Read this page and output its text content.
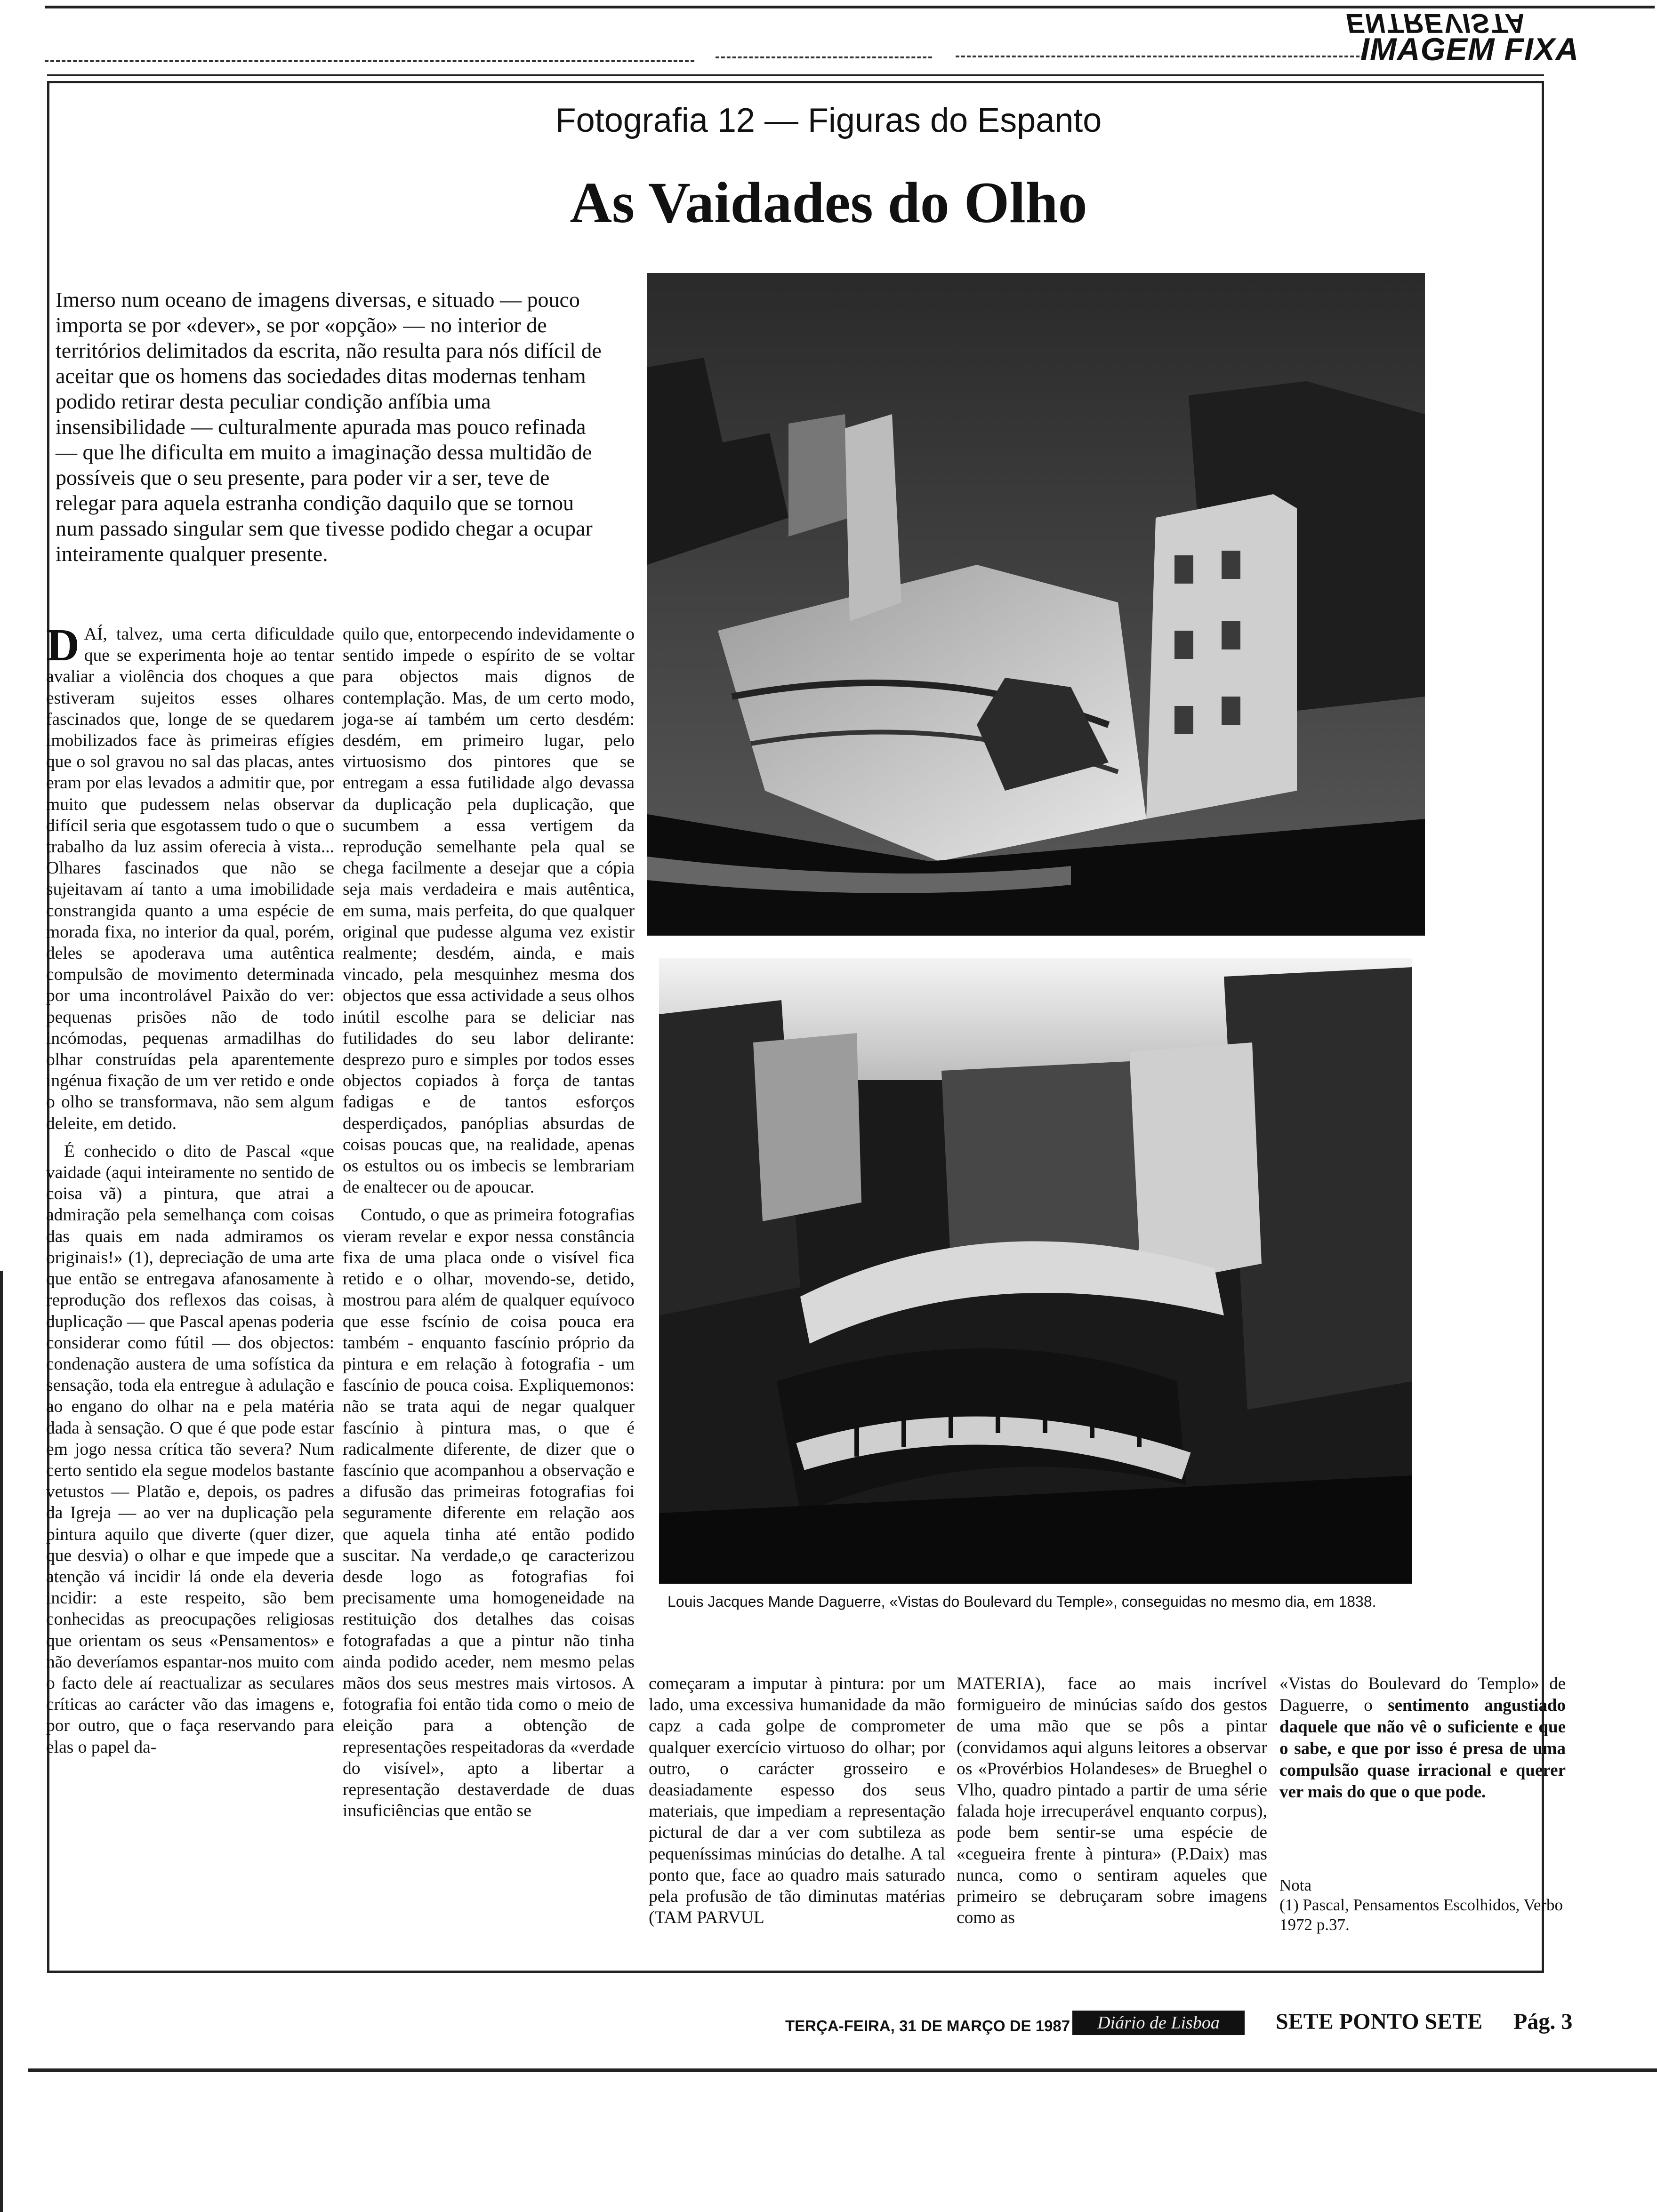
ENTREVISTA
IMAGEM FIXA
Fotografia 12 — Figuras do Espanto
As Vaidades do Olho
Imerso num oceano de imagens diversas, e situado — pouco importa se por «dever», se por «opção» — no interior de territórios delimitados da escrita, não resulta para nós difícil de aceitar que os homens das sociedades ditas modernas tenham podido retirar desta peculiar condição anfíbia uma insensibilidade — culturalmente apurada mas pouco refinada — que lhe dificulta em muito a imaginação dessa multidão de possíveis que o seu presente, para poder vir a ser, teve de relegar para aquela estranha condição daquilo que se tornou num passado singular sem que tivesse podido chegar a ocupar inteiramente qualquer presente.
Louis Jacques Mande Daguerre, «Vistas do Boulevard du Temple», conseguidas no mesmo dia, em 1838.

DAÍ, talvez, uma certa dificuldade que se experimenta hoje ao tentar avaliar a violência dos choques a que estiveram sujeitos esses olhares fascinados que, longe de se quedarem imobilizados face às primeiras efígies que o sol gravou no sal das placas, antes eram por elas levados a admitir que, por muito que pudessem nelas observar difícil seria que esgotassem tudo o que o trabalho da luz assim oferecia à vista... Olhares fascinados que não se sujeitavam aí tanto a uma imobilidade constrangida quanto a uma espécie de morada fixa, no interior da qual, porém, deles se apoderava uma autêntica compulsão de movimento determinada por uma incontrolável Paixão do ver: pequenas prisões não de todo incómodas, pequenas armadilhas do olhar construídas pela aparentemente ingénua fixação de um ver retido e onde o olho se transformava, não sem algum deleite, em detido.

É conhecido o dito de Pascal «que vaidade (aqui inteiramente no sentido de coisa vã) a pintura, que atrai a admiração pela semelhança com coisas das quais em nada admiramos os originais!» (1), depreciação de uma arte que então se entregava afanosamente à reprodução dos reflexos das coisas, à duplicação — que Pascal apenas poderia considerar como fútil — dos objectos: condenação austera de uma sofística da sensação, toda ela entregue à adulação e ao engano do olhar na e pela matéria dada à sensação. O que é que pode estar em jogo nessa crítica tão severa? Num certo sentido ela segue modelos bastante vetustos — Platão e, depois, os padres da Igreja — ao ver na duplicação pela pintura aquilo que diverte (quer dizer, que desvia) o olhar e que impede que a atenção vá incidir lá onde ela deveria incidir: a este respeito, são bem conhecidas as preocupações religiosas que orientam os seus «Pensamentos» e não deveríamos espantar-nos muito com o facto dele aí reactualizar as seculares críticas ao carácter vão das imagens e, por outro, que o faça reservando para elas o papel da-

quilo que, entorpecendo indevidamente o sentido impede o espírito de se voltar para objectos mais dignos de contemplação. Mas, de um certo modo, joga-se aí também um certo desdém: desdém, em primeiro lugar, pelo virtuosismo dos pintores que se entregam a essa futilidade algo devassa da duplicação pela duplicação, que sucumbem a essa vertigem da reprodução semelhante pela qual se chega facilmente a desejar que a cópia seja mais verdadeira e mais autêntica, em suma, mais perfeita, do que qualquer original que pudesse alguma vez existir realmente; desdém, ainda, e mais vincado, pela mesquinhez mesma dos objectos que essa actividade a seus olhos inútil escolhe para se deliciar nas futilidades do seu labor delirante: desprezo puro e simples por todos esses objectos copiados à força de tantas fadigas e de tantos esforços desperdiçados, panóplias absurdas de coisas poucas que, na realidade, apenas os estultos ou os imbecis se lembrariam de enaltecer ou de apoucar.

Contudo, o que as primeira fotografias vieram revelar e expor nessa constância fixa de uma placa onde o visível fica retido e o olhar, movendo-se, detido, mostrou para além de qualquer equívoco que esse fscínio de coisa pouca era também - enquanto fascínio próprio da pintura e em relação à fotografia - um fascínio de pouca coisa. Expliquemonos: não se trata aqui de negar qualquer fascínio à pintura mas, o que é radicalmente diferente, de dizer que o fascínio que acompanhou a observação e a difusão das primeiras fotografias foi seguramente diferente em relação aos que aquela tinha até então podido suscitar. Na verdade,o qe caracterizou desde logo as fotografias foi precisamente uma homogeneidade na restituição dos detalhes das coisas fotografadas a que a pintur não tinha ainda podido aceder, nem mesmo pelas mãos dos seus mestres mais virtosos. A fotografia foi então tida como o meio de eleição para a obtenção de representações respeitadoras da «verdade do visível», apto a libertar a representação destaverdade de duas insuficiências que então se

começaram a imputar à pintura: por um lado, uma excessiva humanidade da mão capz a cada golpe de comprometer qualquer exercício virtuoso do olhar; por outro, o carácter grosseiro e deasiadamente espesso dos seus materiais, que impediam a representação pictural de dar a ver com subtileza as pequeníssimas minúcias do detalhe. A tal ponto que, face ao quadro mais saturado pela profusão de tão diminutas matérias (TAM PARVUL

MATERIA), face ao mais incrível formigueiro de minúcias saído dos gestos de uma mão que se pôs a pintar (convidamos aqui alguns leitores a observar os «Provérbios Holandeses» de Brueghel o Vlho, quadro pintado a partir de uma série falada hoje irrecuperável enquanto corpus), pode bem sentir-se uma espécie de «cegueira frente à pintura» (P.Daix) mas nunca, como o sentiram aqueles que primeiro se debruçaram sobre imagens como as

«Vistas do Boulevard do Templo» de Daguerre, o sentimento angustiado daquele que não vê o suficiente e que o sabe, e que por isso é presa de uma compulsão quase irracional e querer ver mais do que o que pode.

Nota
(1) Pascal, Pensamentos Escolhidos, Verbo 1972 p.37.
TERÇA-FEIRA, 31 DE MARÇO DE 1987	Diário de Lisboa	SETE PONTO SETE Pág. 3
